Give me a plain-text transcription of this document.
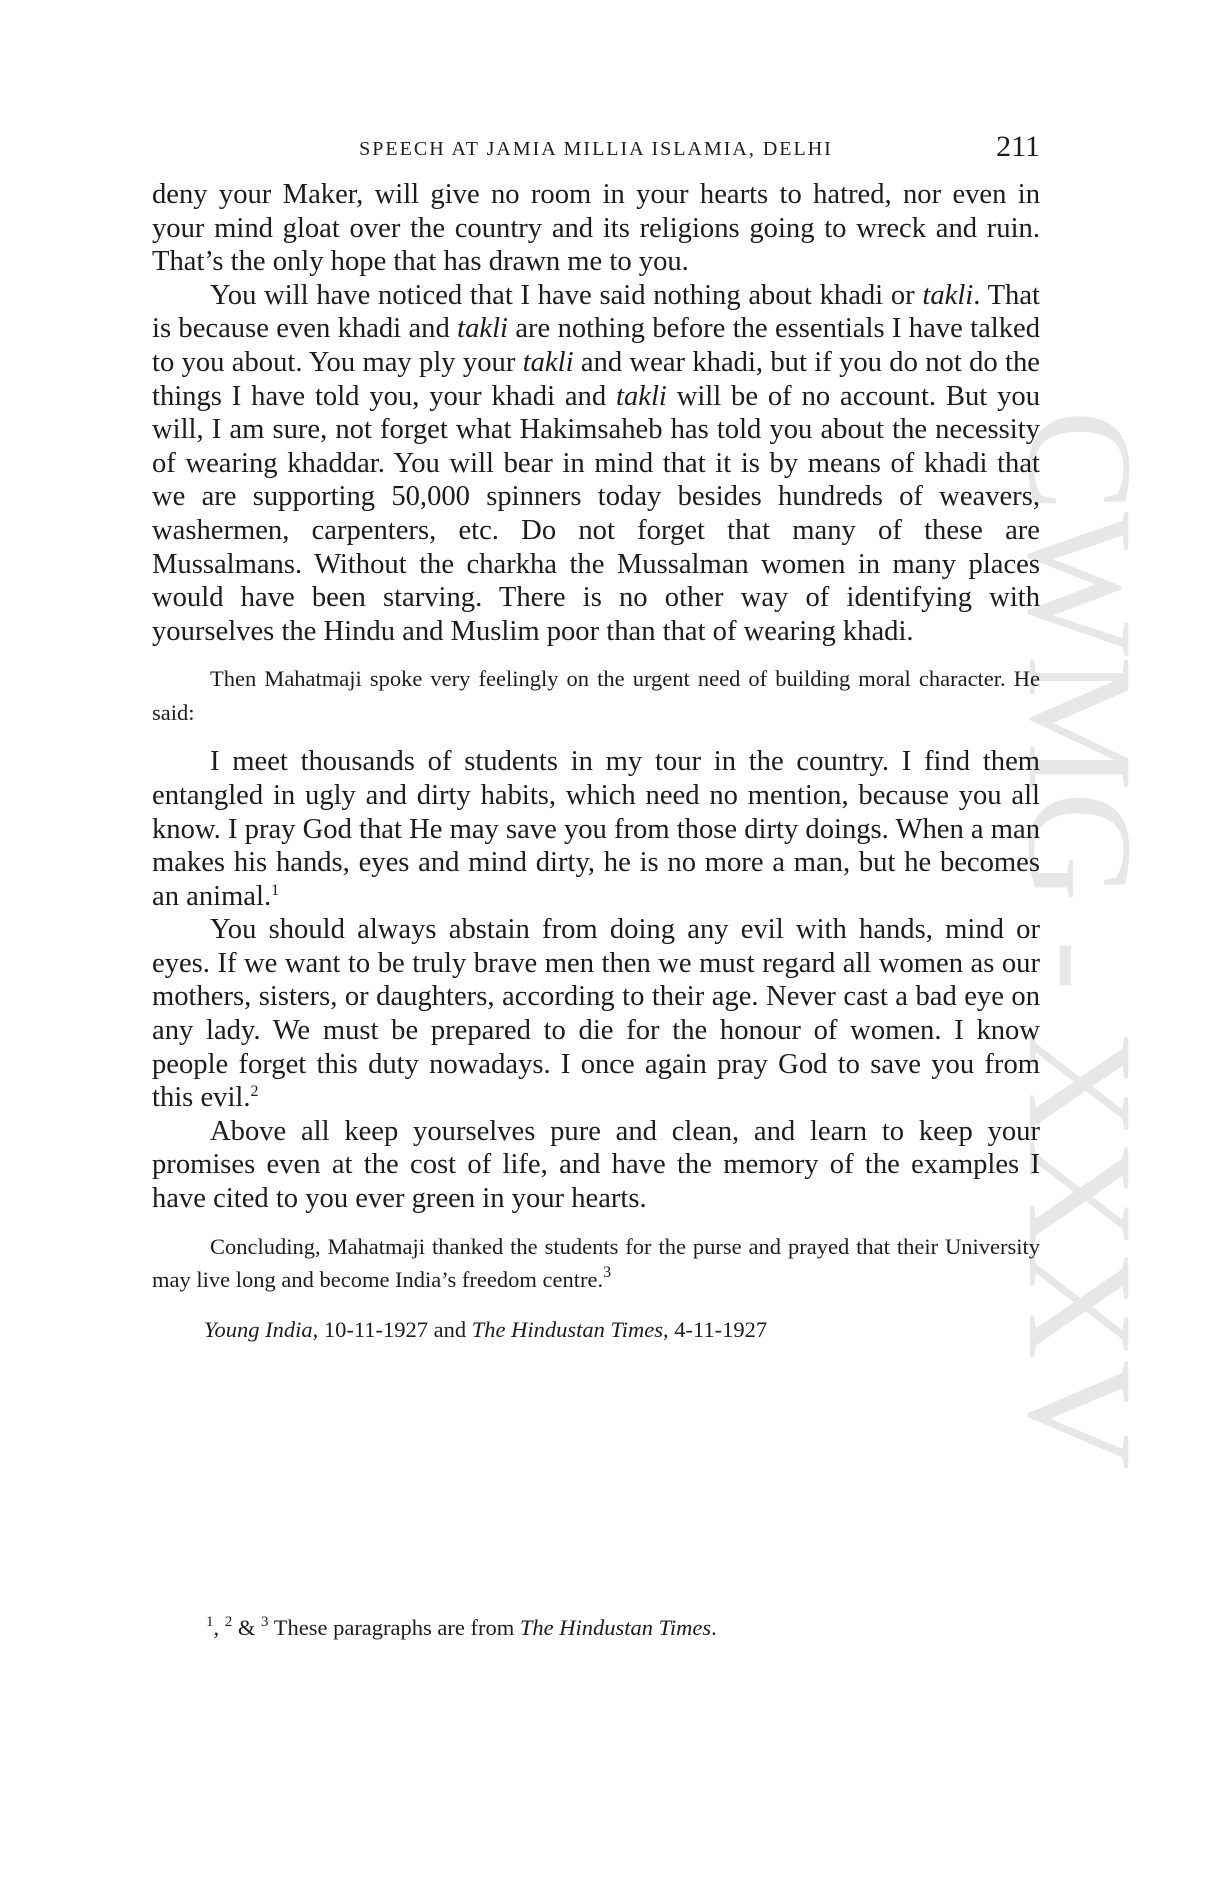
SPEECH AT JAMIA MILLIA ISLAMIA, DELHI	211
CWMG - XXXV

deny your Maker, will give no room in your hearts to hatred, nor even in your mind gloat over the country and its religions going to wreck and ruin. That’s the only hope that has drawn me to you.

You will have noticed that I have said nothing about khadi or takli. That is because even khadi and takli are nothing before the essentials I have talked to you about. You may ply your takli and wear khadi, but if you do not do the things I have told you, your khadi and takli will be of no account. But you will, I am sure, not forget what Hakimsaheb has told you about the necessity of wearing khaddar. You will bear in mind that it is by means of khadi that we are supporting 50,000 spinners today besides hundreds of weavers, washermen, carpenters, etc. Do not forget that many of these are Mussalmans. Without the charkha the Mussalman women in many places would have been starving. There is no other way of identifying with yourselves the Hindu and Muslim poor than that of wearing khadi.

Then Mahatmaji spoke very feelingly on the urgent need of building moral character. He said:

I meet thousands of students in my tour in the country. I find them entangled in ugly and dirty habits, which need no mention, because you all know. I pray God that He may save you from those dirty doings. When a man makes his hands, eyes and mind dirty, he is no more a man, but he becomes an animal.$^1$

You should always abstain from doing any evil with hands, mind or eyes. If we want to be truly brave men then we must regard all women as our mothers, sisters, or daughters, according to their age. Never cast a bad eye on any lady. We must be prepared to die for the honour of women. I know people forget this duty nowadays. I once again pray God to save you from this evil.$^2$

Above all keep yourselves pure and clean, and learn to keep your promises even at the cost of life, and have the memory of the examples I have cited to you ever green in your hearts.

Concluding, Mahatmaji thanked the students for the purse and prayed that their University may live long and become India’s freedom centre.$^3$

Young India, 10-11-1927 and The Hindustan Times, 4-11-1927

$^1$, $^2$ & $^3$ These paragraphs are from The Hindustan Times.
